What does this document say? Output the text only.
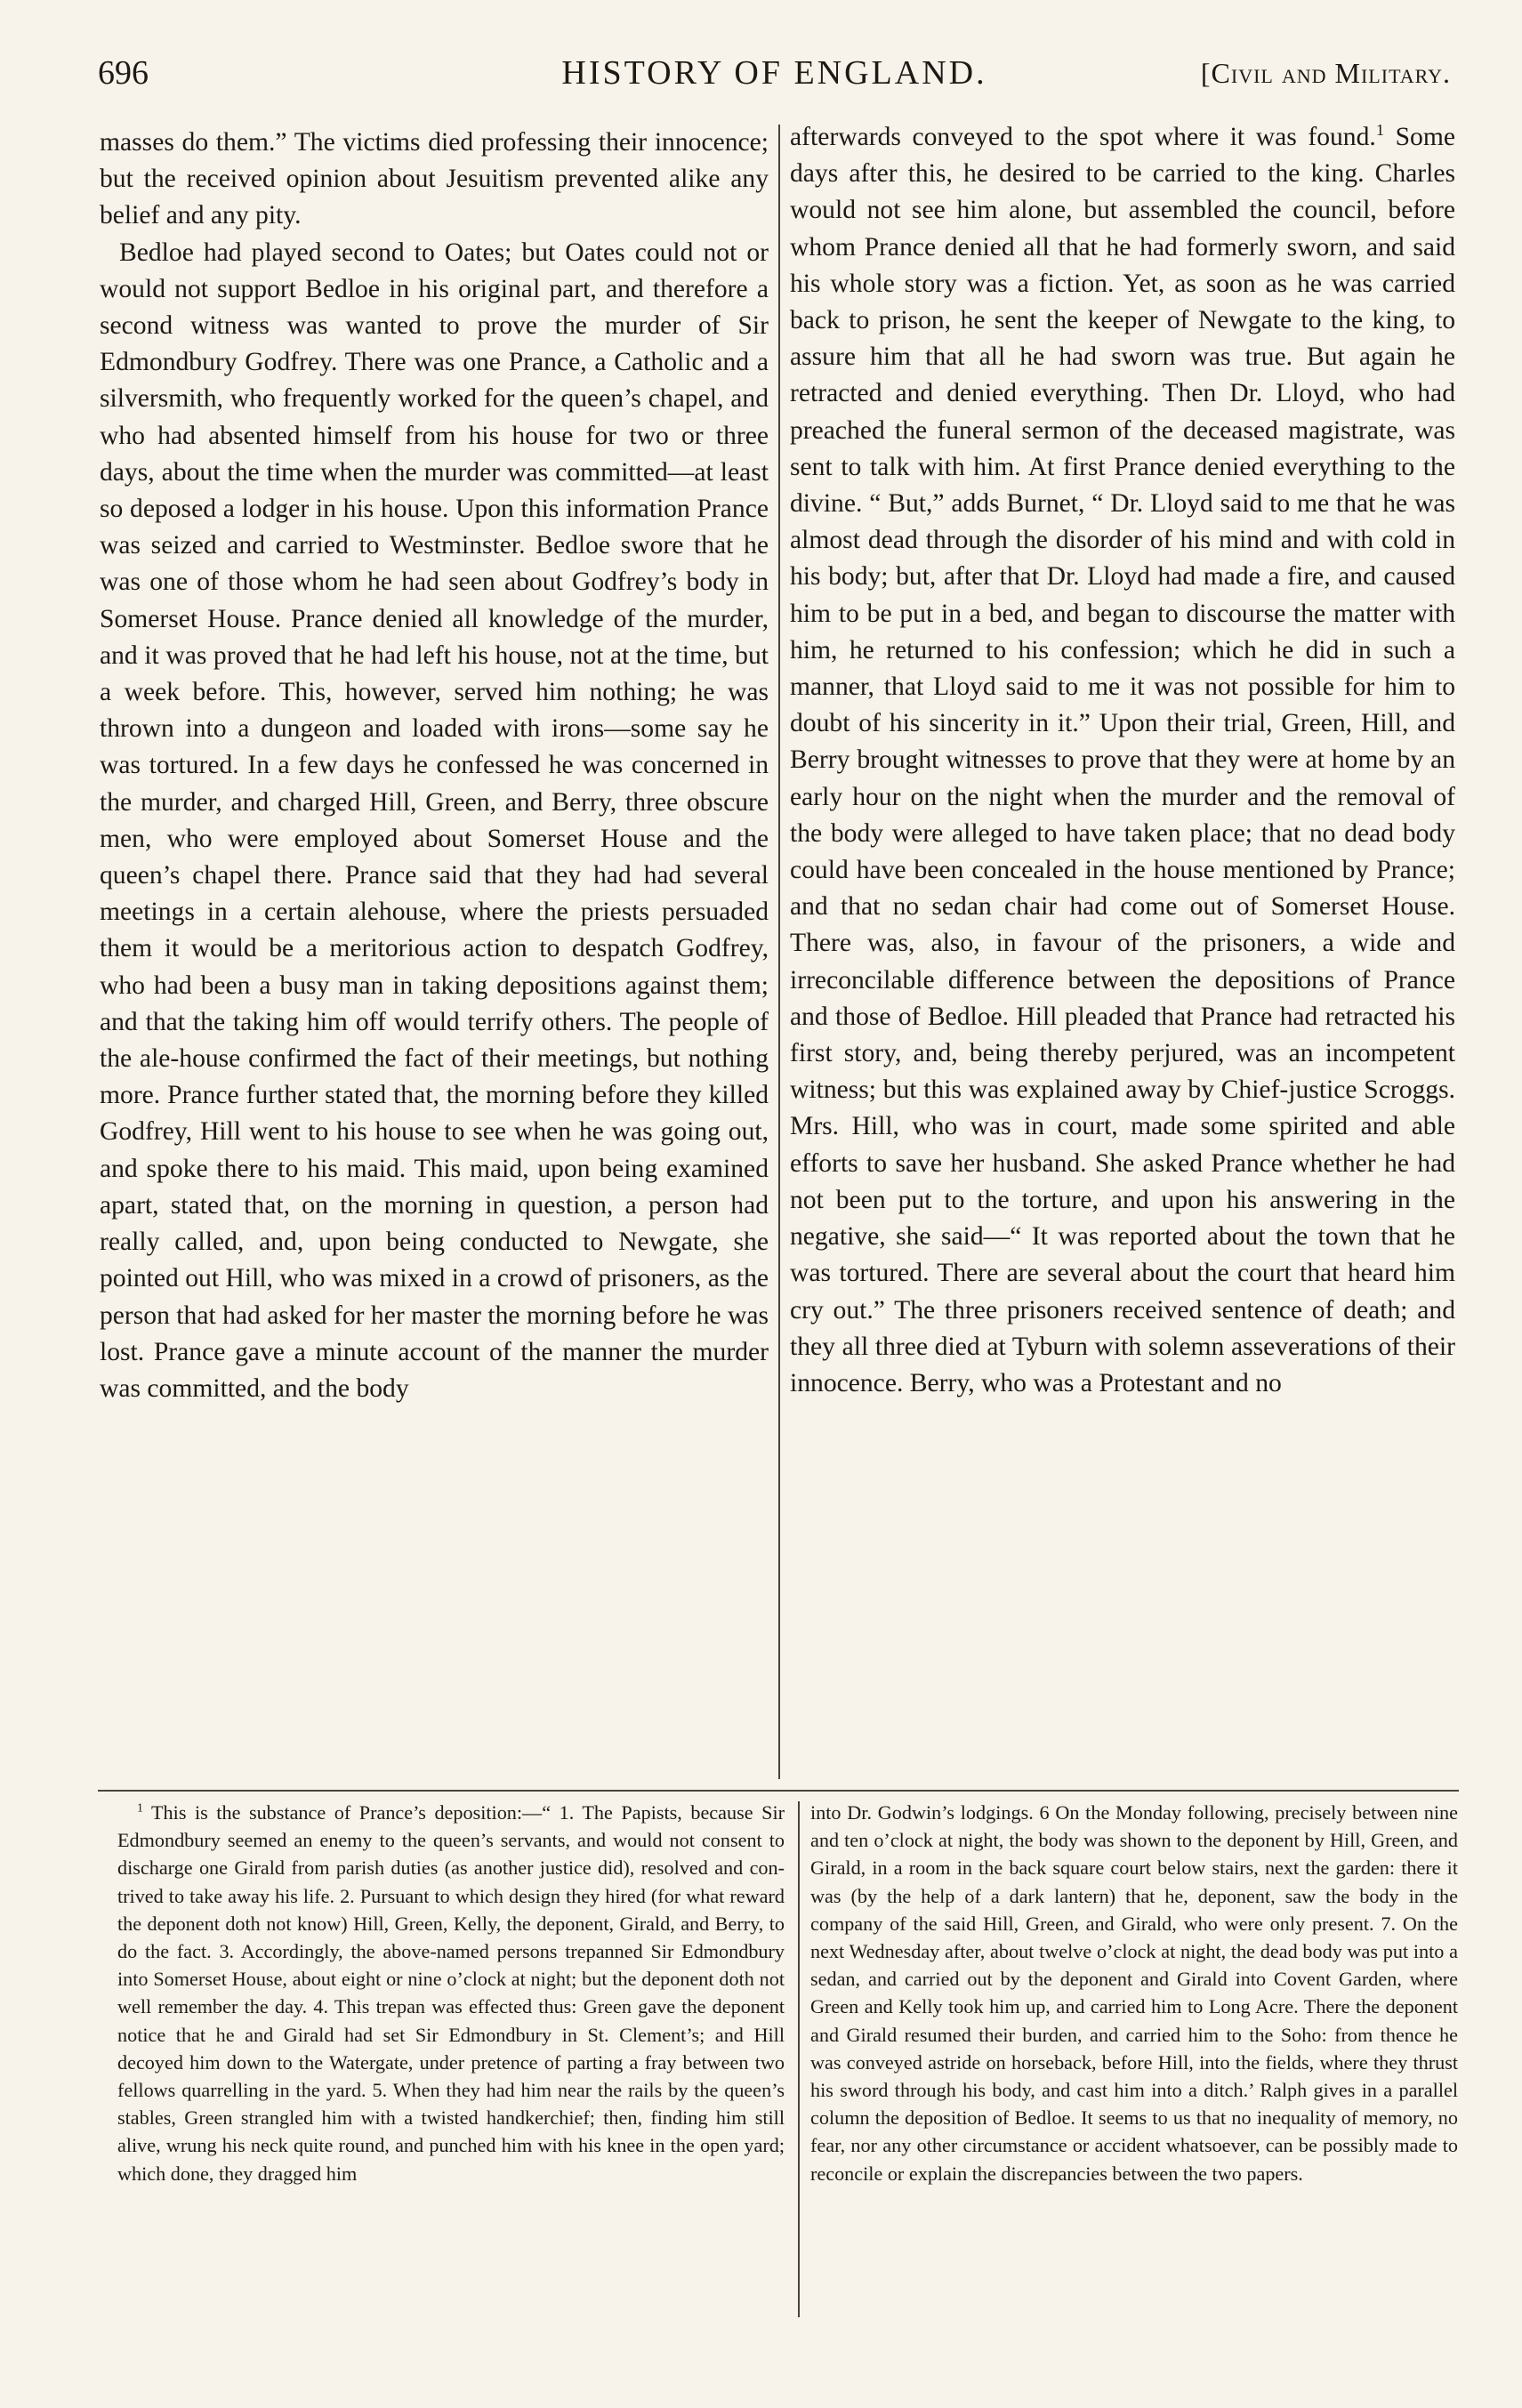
696	HISTORY OF ENGLAND.	[Civil and Military.

masses do them.” The victims died professing their innocence; but the received opinion about Jesuitism prevented alike any belief and any pity.

Bedloe had played second to Oates; but Oates could not or would not support Bedloe in his original part, and therefore a second witness was wanted to prove the murder of Sir Edmondbury Godfrey. There was one Prance, a Catholic and a silversmith, who frequently worked for the queen’s chapel, and who had absented himself from his house for two or three days, about the time when the murder was committed—at least so deposed a lodger in his house. Upon this information Prance was seized and carried to Westminster. Bedloe swore that he was one of those whom he had seen about Godfrey’s body in Somerset House. Prance denied all knowledge of the murder, and it was proved that he had left his house, not at the time, but a week before. This, however, served him nothing; he was thrown into a dungeon and loaded with irons—some say he was tortured. In a few days he confessed he was concerned in the murder, and charged Hill, Green, and Berry, three obscure men, who were employed about Somerset House and the queen’s chapel there. Prance said that they had had several meetings in a certain alehouse, where the priests persuaded them it would be a meritorious action to despatch Godfrey, who had been a busy man in taking depositions against them; and that the taking him off would terrify others. The people of the ale-house confirmed the fact of their meetings, but nothing more. Prance further stated that, the morning before they killed Godfrey, Hill went to his house to see when he was going out, and spoke there to his maid. This maid, upon being examined apart, stated that, on the morning in question, a person had really called, and, upon being conducted to Newgate, she pointed out Hill, who was mixed in a crowd of prisoners, as the person that had asked for her master the morning before he was lost. Prance gave a minute account of the manner the murder was committed, and the body

afterwards conveyed to the spot where it was found.$^1$ Some days after this, he desired to be carried to the king. Charles would not see him alone, but assembled the council, before whom Prance denied all that he had formerly sworn, and said his whole story was a fiction. Yet, as soon as he was carried back to prison, he sent the keeper of Newgate to the king, to assure him that all he had sworn was true. But again he retracted and denied everything. Then Dr. Lloyd, who had preached the funeral sermon of the deceased magistrate, was sent to talk with him. At first Prance denied everything to the divine. “ But,” adds Burnet, “ Dr. Lloyd said to me that he was almost dead through the disorder of his mind and with cold in his body; but, after that Dr. Lloyd had made a fire, and caused him to be put in a bed, and began to discourse the matter with him, he returned to his confession; which he did in such a manner, that Lloyd said to me it was not possible for him to doubt of his sincerity in it.” Upon their trial, Green, Hill, and Berry brought witnesses to prove that they were at home by an early hour on the night when the murder and the removal of the body were alleged to have taken place; that no dead body could have been concealed in the house mentioned by Prance; and that no sedan chair had come out of Somerset House. There was, also, in favour of the prisoners, a wide and irreconcilable difference between the depositions of Prance and those of Bedloe. Hill pleaded that Prance had retracted his first story, and, being thereby perjured, was an incompetent witness; but this was explained away by Chief-justice Scroggs. Mrs. Hill, who was in court, made some spirited and able efforts to save her husband. She asked Prance whether he had not been put to the torture, and upon his answering in the negative, she said—“ It was reported about the town that he was tortured. There are several about the court that heard him cry out.” The three prisoners received sentence of death; and they all three died at Tyburn with solemn asseverations of their innocence. Berry, who was a Protestant and no

$^1$ This is the substance of Prance’s deposition:—“ 1. The Papists, because Sir Edmondbury seemed an enemy to the queen’s servants, and would not consent to discharge one Girald from parish duties (as another justice did), resolved and contrived to take away his life. 2. Pursuant to which design they hired (for what reward the deponent doth not know) Hill, Green, Kelly, the deponent, Girald, and Berry, to do the fact. 3. Accordingly, the above-named persons trepanned Sir Edmondbury into Somerset House, about eight or nine o’clock at night; but the deponent doth not well remember the day. 4. This trepan was effected thus: Green gave the deponent notice that he and Girald had set Sir Edmondbury in St. Clement’s; and Hill decoyed him down to the Watergate, under pretence of parting a fray between two fellows quarrelling in the yard. 5. When they had him near the rails by the queen’s stables, Green strangled him with a twisted handkerchief; then, finding him still alive, wrung his neck quite round, and punched him with his knee in the open yard; which done, they dragged him

into Dr. Godwin’s lodgings. 6 On the Monday following, precisely between nine and ten o’clock at night, the body was shown to the deponent by Hill, Green, and Girald, in a room in the back square court below stairs, next the garden: there it was (by the help of a dark lantern) that he, deponent, saw the body in the company of the said Hill, Green, and Girald, who were only present. 7. On the next Wednesday after, about twelve o’clock at night, the dead body was put into a sedan, and carried out by the deponent and Girald into Covent Garden, where Green and Kelly took him up, and carried him to Long Acre. There the deponent and Girald resumed their burden, and carried him to the Soho: from thence he was conveyed astride on horseback, before Hill, into the fields, where they thrust his sword through his body, and cast him into a ditch.’ Ralph gives in a parallel column the deposition of Bedloe. It seems to us that no inequality of memory, no fear, nor any other circumstance or accident whatsoever, can be possibly made to reconcile or explain the discrepancies between the two papers.
